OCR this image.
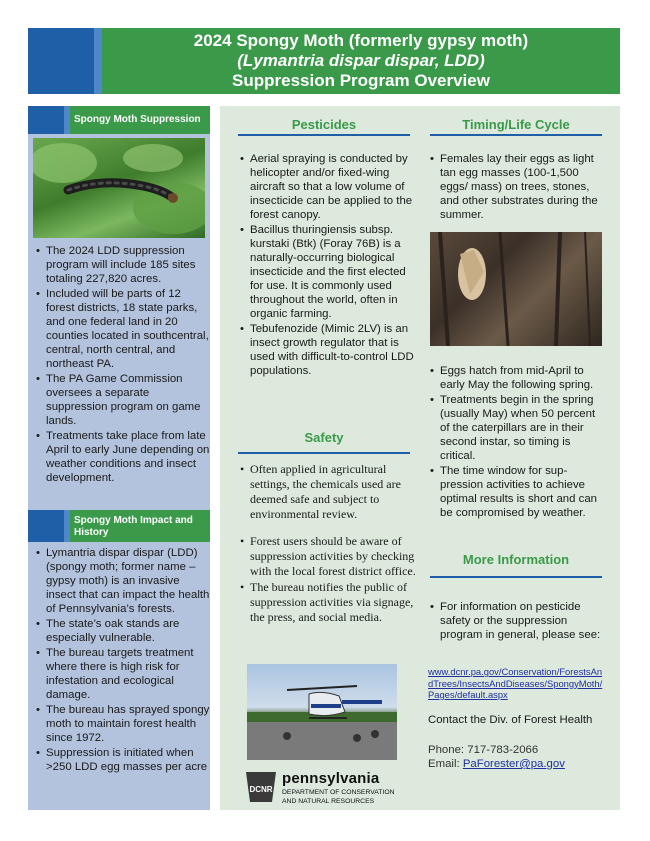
2024 Spongy Moth (formerly gypsy moth)
(Lymantria dispar dispar, LDD)
Suppression Program Overview
Spongy Moth Suppression
• The 2024 LDD suppression program will include 185 sites totaling 227,820 acres.
• Included will be parts of 12 forest districts, 18 state parks, and one federal land in 20 counties located in southcentral, central, north central, and northeast PA.
• The PA Game Commission oversees a separate suppression program on game lands.
• Treatments take place from late April to early June depending on weather conditions and insect development.
Spongy Moth Impact and History
• Lymantria dispar dispar (LDD) (spongy moth; former name – gypsy moth) is an invasive insect that can impact the health of Pennsylvania’s forests.
• The state’s oak stands are especially vulnerable.
• The bureau targets treatment where there is high risk for infestation and ecological damage.
• The bureau has sprayed spongy moth to maintain forest health since 1972.
• Suppression is initiated when >250 LDD egg masses per acre
Pesticides
• Aerial spraying is conducted by helicopter and/or fixed-wing aircraft so that a low volume of insecticide can be applied to the forest canopy.
• Bacillus thuringiensis subsp. kurstaki (Btk) (Foray 76B) is a naturally-occurring biological insecticide and the first elected for use. It is commonly used throughout the world, often in organic farming.
• Tebufenozide (Mimic 2LV) is an insect growth regulator that is used with difficult-to-control LDD populations.
Safety
• Often applied in agricultural settings, the chemicals used are deemed safe and subject to environmental review.
• Forest users should be aware of suppression activities by checking with the local forest district office.
• The bureau notifies the public of suppression activities via signage, the press, and social media.
DCNR
pennsylvania
DEPARTMENT OF CONSERVATION
AND NATURAL RESOURCES
Timing/Life Cycle
• Females lay their eggs as light tan egg masses (100-1,500 eggs/ mass) on trees, stones, and other substrates during the summer.
• Eggs hatch from mid-April to early May the following spring.
• Treatments begin in the spring (usually May) when 50 percent of the caterpillars are in their second instar, so timing is critical.
• The time window for sup-pression activities to achieve optimal results is short and can be compromised by weather.
More Information
• For information on pesticide safety or the suppression program in general, please see:
www.dcnr.pa.gov/Conservation/ForestsAndTrees/InsectsAndDiseases/SpongyMoth/Pages/default.aspx
Contact the Div. of Forest Health
Phone: 717-783-2066
Email: PaForester@pa.gov
